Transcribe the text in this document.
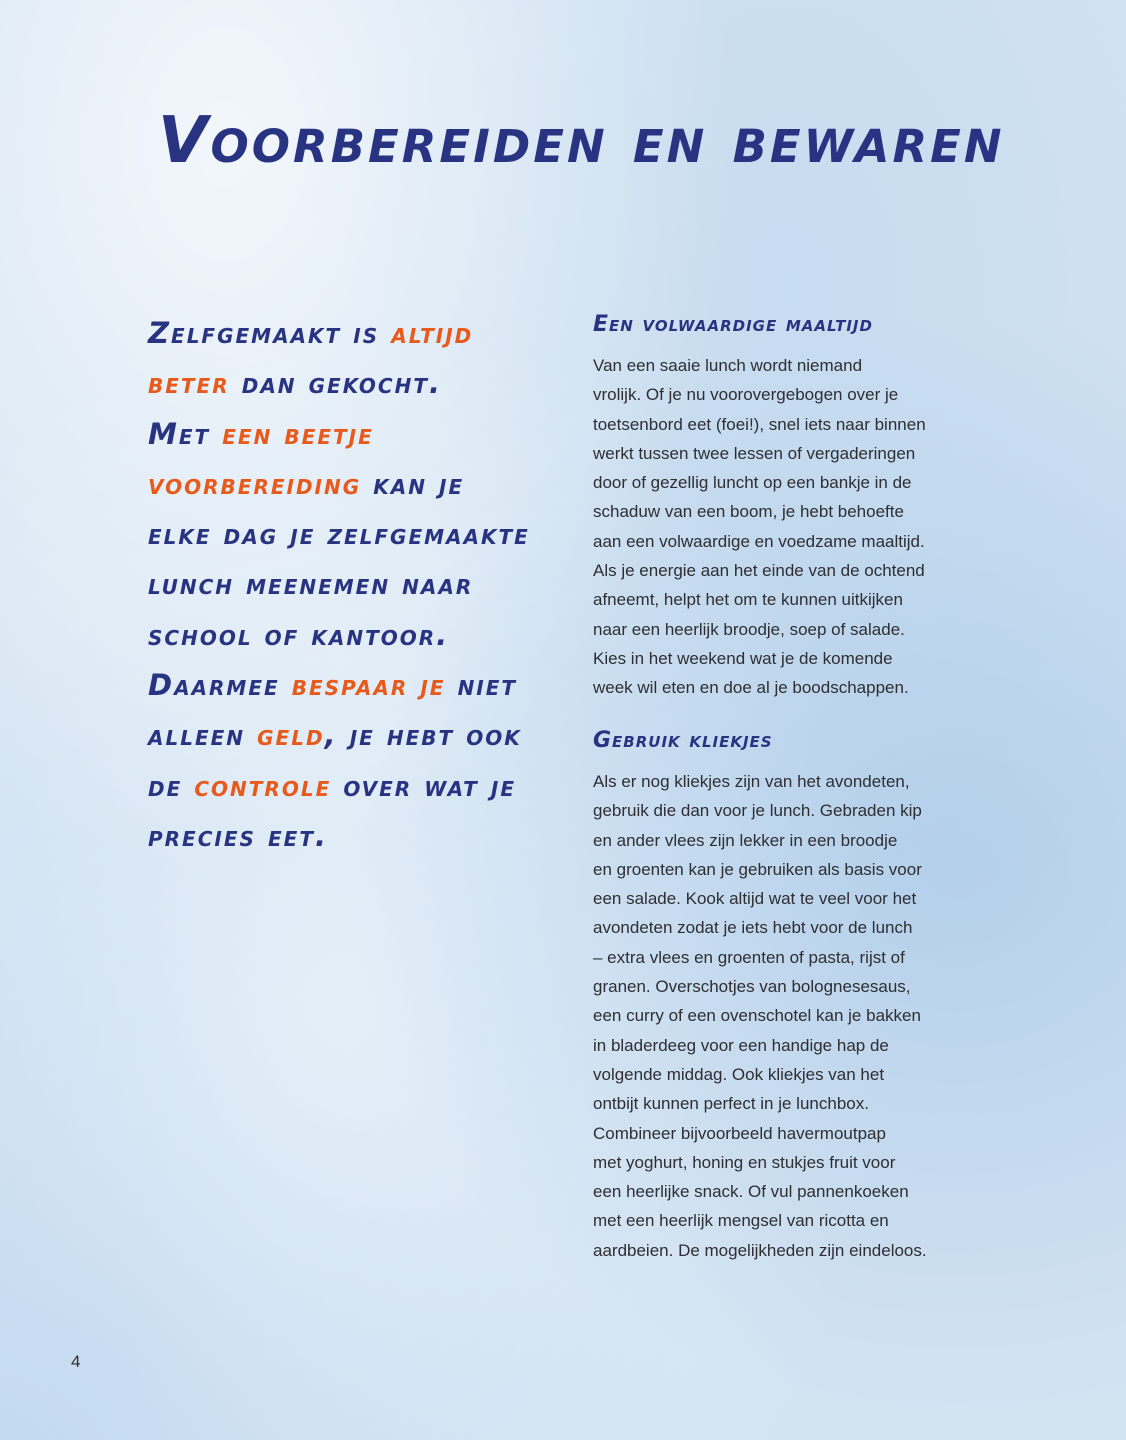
Voorbereiden en bewaren
Zelfgemaakt is altijd
beter dan gekocht.
Met een beetje
voorbereiding kan je
elke dag je zelfgemaakte
lunch meenemen naar
school of kantoor.
Daarmee bespaar je niet
alleen geld, je hebt ook
de controle over wat je
precies eet.
Een volwaardige maaltijd
Van een saaie lunch wordt niemand
vrolijk. Of je nu voorovergebogen over je
toetsenbord eet (foei!), snel iets naar binnen
werkt tussen twee lessen of vergaderingen
door of gezellig luncht op een bankje in de
schaduw van een boom, je hebt behoefte
aan een volwaardige en voedzame maaltijd.
Als je energie aan het einde van de ochtend
afneemt, helpt het om te kunnen uitkijken
naar een heerlijk broodje, soep of salade.
Kies in het weekend wat je de komende
week wil eten en doe al je boodschappen.
Gebruik kliekjes
Als er nog kliekjes zijn van het avondeten,
gebruik die dan voor je lunch. Gebraden kip
en ander vlees zijn lekker in een broodje
en groenten kan je gebruiken als basis voor
een salade. Kook altijd wat te veel voor het
avondeten zodat je iets hebt voor de lunch
– extra vlees en groenten of pasta, rijst of
granen. Overschotjes van bolognesesaus,
een curry of een ovenschotel kan je bakken
in bladerdeeg voor een handige hap de
volgende middag. Ook kliekjes van het
ontbijt kunnen perfect in je lunchbox.
Combineer bijvoorbeeld havermoutpap
met yoghurt, honing en stukjes fruit voor
een heerlijke snack. Of vul pannenkoeken
met een heerlijk mengsel van ricotta en
aardbeien. De mogelijkheden zijn eindeloos.
4
